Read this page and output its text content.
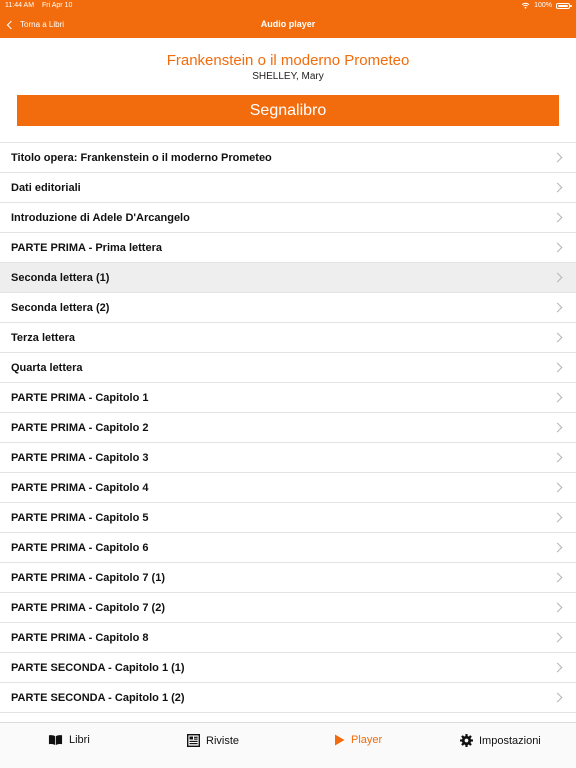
11:44 AM Fri Apr 10	100%
Torna a Libri	Audio player
Frankenstein o il moderno Prometeo
SHELLEY, Mary
Segnalibro
Titolo opera: Frankenstein o il moderno Prometeo
Dati editoriali
Introduzione di Adele D'Arcangelo
PARTE PRIMA - Prima lettera
Seconda lettera (1)
Seconda lettera (2)
Terza lettera
Quarta lettera
PARTE PRIMA - Capitolo 1
PARTE PRIMA - Capitolo 2
PARTE PRIMA - Capitolo 3
PARTE PRIMA - Capitolo 4
PARTE PRIMA - Capitolo 5
PARTE PRIMA - Capitolo 6
PARTE PRIMA - Capitolo 7 (1)
PARTE PRIMA - Capitolo 7 (2)
PARTE PRIMA - Capitolo 8
PARTE SECONDA - Capitolo 1 (1)
PARTE SECONDA - Capitolo 1 (2)
Libri	Riviste	Player	Impostazioni
